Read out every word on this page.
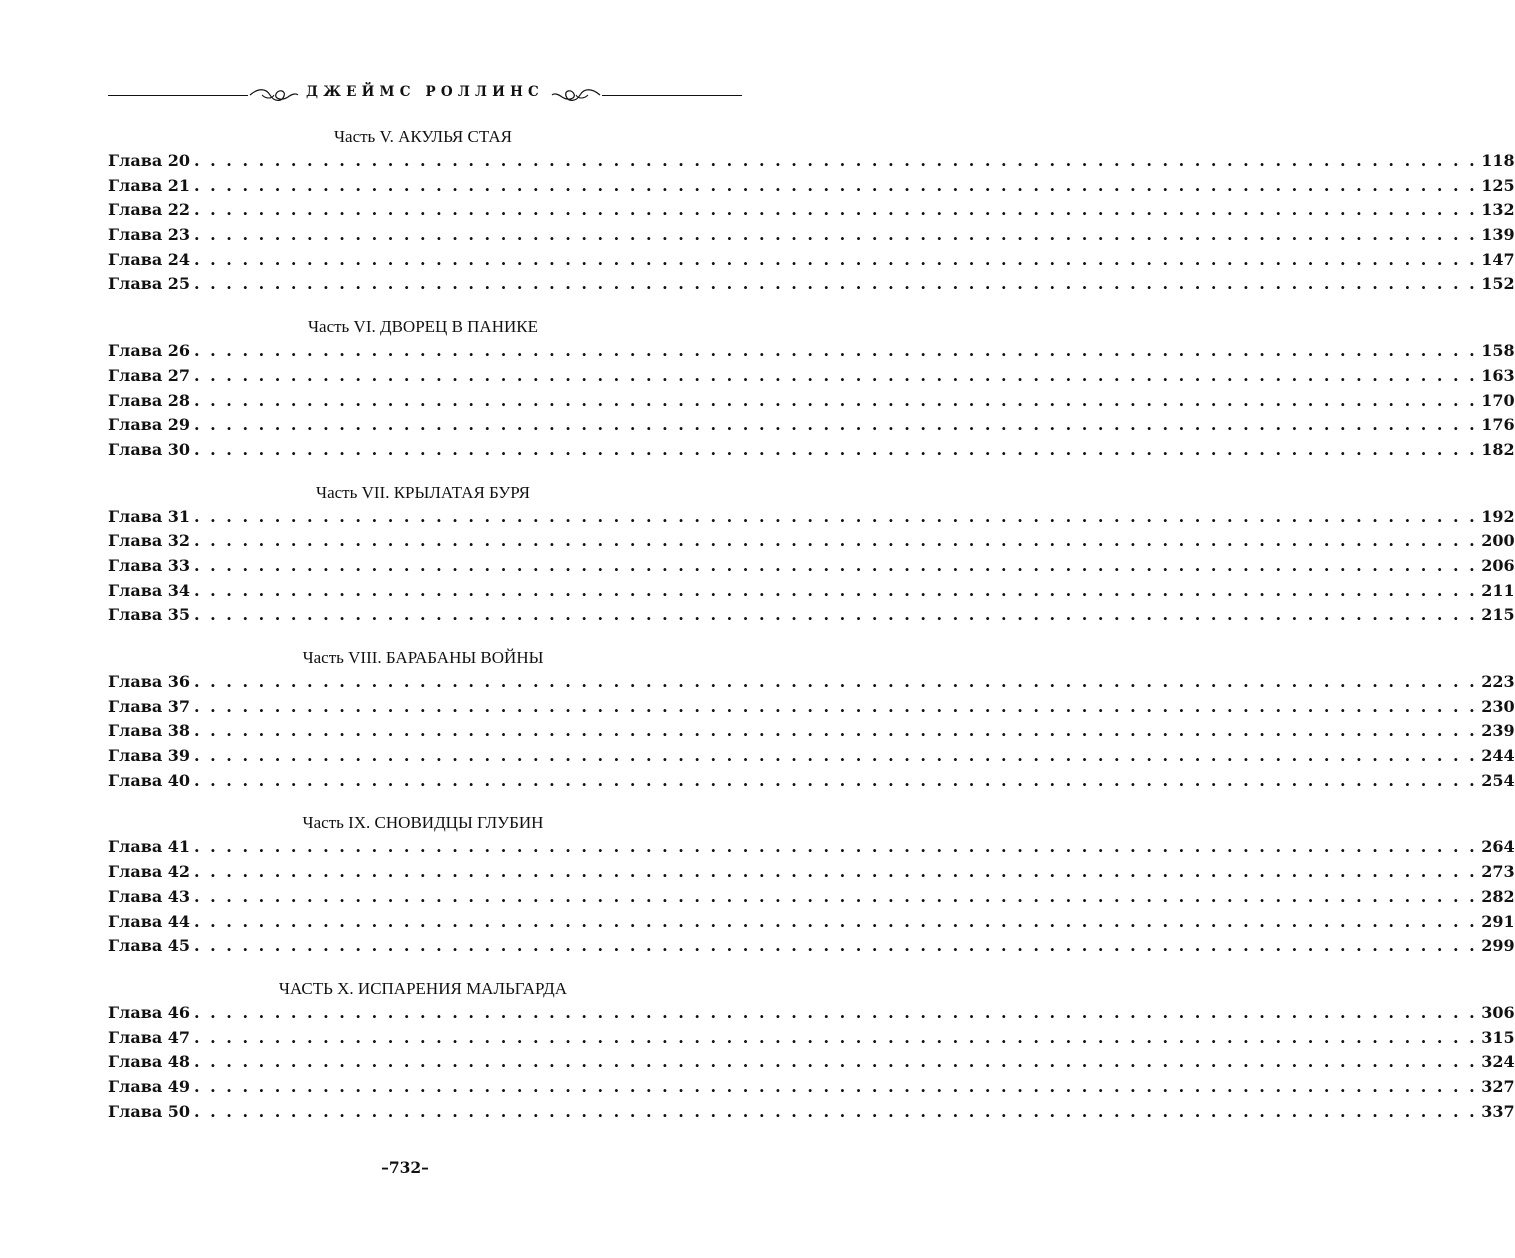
ДЖЕЙМС РОЛЛИНС
Часть V. АКУЛЬЯ СТАЯ
Глава 20 . . . . . . . . . . . . . . . . . . . . . . . . . . . . . . . . . . . . . . . . . . . . . . . . . . . . . . . . . . . . . . . . . . . . . . . . . . . . . . . . 118
Глава 21 . . . . . . . . . . . . . . . . . . . . . . . . . . . . . . . . . . . . . . . . . . . . . . . . . . . . . . . . . . . . . . . . . . . . . . . . . . . . . . . . 125
Глава 22 . . . . . . . . . . . . . . . . . . . . . . . . . . . . . . . . . . . . . . . . . . . . . . . . . . . . . . . . . . . . . . . . . . . . . . . . . . . . . . . . 132
Глава 23 . . . . . . . . . . . . . . . . . . . . . . . . . . . . . . . . . . . . . . . . . . . . . . . . . . . . . . . . . . . . . . . . . . . . . . . . . . . . . . . . 139
Глава 24 . . . . . . . . . . . . . . . . . . . . . . . . . . . . . . . . . . . . . . . . . . . . . . . . . . . . . . . . . . . . . . . . . . . . . . . . . . . . . . . . 147
Глава 25 . . . . . . . . . . . . . . . . . . . . . . . . . . . . . . . . . . . . . . . . . . . . . . . . . . . . . . . . . . . . . . . . . . . . . . . . . . . . . . . . 152
Часть VI. ДВОРЕЦ В ПАНИКЕ
Глава 26 . . . . . . . . . . . . . . . . . . . . . . . . . . . . . . . . . . . . . . . . . . . . . . . . . . . . . . . . . . . . . . . . . . . . . . . . . . . . . . . . 158
Глава 27 . . . . . . . . . . . . . . . . . . . . . . . . . . . . . . . . . . . . . . . . . . . . . . . . . . . . . . . . . . . . . . . . . . . . . . . . . . . . . . . . 163
Глава 28 . . . . . . . . . . . . . . . . . . . . . . . . . . . . . . . . . . . . . . . . . . . . . . . . . . . . . . . . . . . . . . . . . . . . . . . . . . . . . . . . 170
Глава 29 . . . . . . . . . . . . . . . . . . . . . . . . . . . . . . . . . . . . . . . . . . . . . . . . . . . . . . . . . . . . . . . . . . . . . . . . . . . . . . . . 176
Глава 30 . . . . . . . . . . . . . . . . . . . . . . . . . . . . . . . . . . . . . . . . . . . . . . . . . . . . . . . . . . . . . . . . . . . . . . . . . . . . . . . . 182
Часть VII. КРЫЛАТАЯ БУРЯ
Глава 31 . . . . . . . . . . . . . . . . . . . . . . . . . . . . . . . . . . . . . . . . . . . . . . . . . . . . . . . . . . . . . . . . . . . . . . . . . . . . . . . . 192
Глава 32 . . . . . . . . . . . . . . . . . . . . . . . . . . . . . . . . . . . . . . . . . . . . . . . . . . . . . . . . . . . . . . . . . . . . . . . . . . . . . . . . 200
Глава 33 . . . . . . . . . . . . . . . . . . . . . . . . . . . . . . . . . . . . . . . . . . . . . . . . . . . . . . . . . . . . . . . . . . . . . . . . . . . . . . . . 206
Глава 34 . . . . . . . . . . . . . . . . . . . . . . . . . . . . . . . . . . . . . . . . . . . . . . . . . . . . . . . . . . . . . . . . . . . . . . . . . . . . . . . . 211
Глава 35 . . . . . . . . . . . . . . . . . . . . . . . . . . . . . . . . . . . . . . . . . . . . . . . . . . . . . . . . . . . . . . . . . . . . . . . . . . . . . . . . 215
Часть VIII. БАРАБАНЫ ВОЙНЫ
Глава 36 . . . . . . . . . . . . . . . . . . . . . . . . . . . . . . . . . . . . . . . . . . . . . . . . . . . . . . . . . . . . . . . . . . . . . . . . . . . . . . . . 223
Глава 37 . . . . . . . . . . . . . . . . . . . . . . . . . . . . . . . . . . . . . . . . . . . . . . . . . . . . . . . . . . . . . . . . . . . . . . . . . . . . . . . . 230
Глава 38 . . . . . . . . . . . . . . . . . . . . . . . . . . . . . . . . . . . . . . . . . . . . . . . . . . . . . . . . . . . . . . . . . . . . . . . . . . . . . . . . 239
Глава 39 . . . . . . . . . . . . . . . . . . . . . . . . . . . . . . . . . . . . . . . . . . . . . . . . . . . . . . . . . . . . . . . . . . . . . . . . . . . . . . . . 244
Глава 40 . . . . . . . . . . . . . . . . . . . . . . . . . . . . . . . . . . . . . . . . . . . . . . . . . . . . . . . . . . . . . . . . . . . . . . . . . . . . . . . . 254
Часть IX. СНОВИДЦЫ ГЛУБИН
Глава 41 . . . . . . . . . . . . . . . . . . . . . . . . . . . . . . . . . . . . . . . . . . . . . . . . . . . . . . . . . . . . . . . . . . . . . . . . . . . . . . . . 264
Глава 42 . . . . . . . . . . . . . . . . . . . . . . . . . . . . . . . . . . . . . . . . . . . . . . . . . . . . . . . . . . . . . . . . . . . . . . . . . . . . . . . . 273
Глава 43 . . . . . . . . . . . . . . . . . . . . . . . . . . . . . . . . . . . . . . . . . . . . . . . . . . . . . . . . . . . . . . . . . . . . . . . . . . . . . . . . 282
Глава 44 . . . . . . . . . . . . . . . . . . . . . . . . . . . . . . . . . . . . . . . . . . . . . . . . . . . . . . . . . . . . . . . . . . . . . . . . . . . . . . . . 291
Глава 45 . . . . . . . . . . . . . . . . . . . . . . . . . . . . . . . . . . . . . . . . . . . . . . . . . . . . . . . . . . . . . . . . . . . . . . . . . . . . . . . . 299
ЧАСТЬ X. ИСПАРЕНИЯ МАЛЬГАРДА
Глава 46 . . . . . . . . . . . . . . . . . . . . . . . . . . . . . . . . . . . . . . . . . . . . . . . . . . . . . . . . . . . . . . . . . . . . . . . . . . . . . . . . 306
Глава 47 . . . . . . . . . . . . . . . . . . . . . . . . . . . . . . . . . . . . . . . . . . . . . . . . . . . . . . . . . . . . . . . . . . . . . . . . . . . . . . . . 315
Глава 48 . . . . . . . . . . . . . . . . . . . . . . . . . . . . . . . . . . . . . . . . . . . . . . . . . . . . . . . . . . . . . . . . . . . . . . . . . . . . . . . . 324
Глава 49 . . . . . . . . . . . . . . . . . . . . . . . . . . . . . . . . . . . . . . . . . . . . . . . . . . . . . . . . . . . . . . . . . . . . . . . . . . . . . . . . 327
Глава 50 . . . . . . . . . . . . . . . . . . . . . . . . . . . . . . . . . . . . . . . . . . . . . . . . . . . . . . . . . . . . . . . . . . . . . . . . . . . . . . . . 337
–732–
